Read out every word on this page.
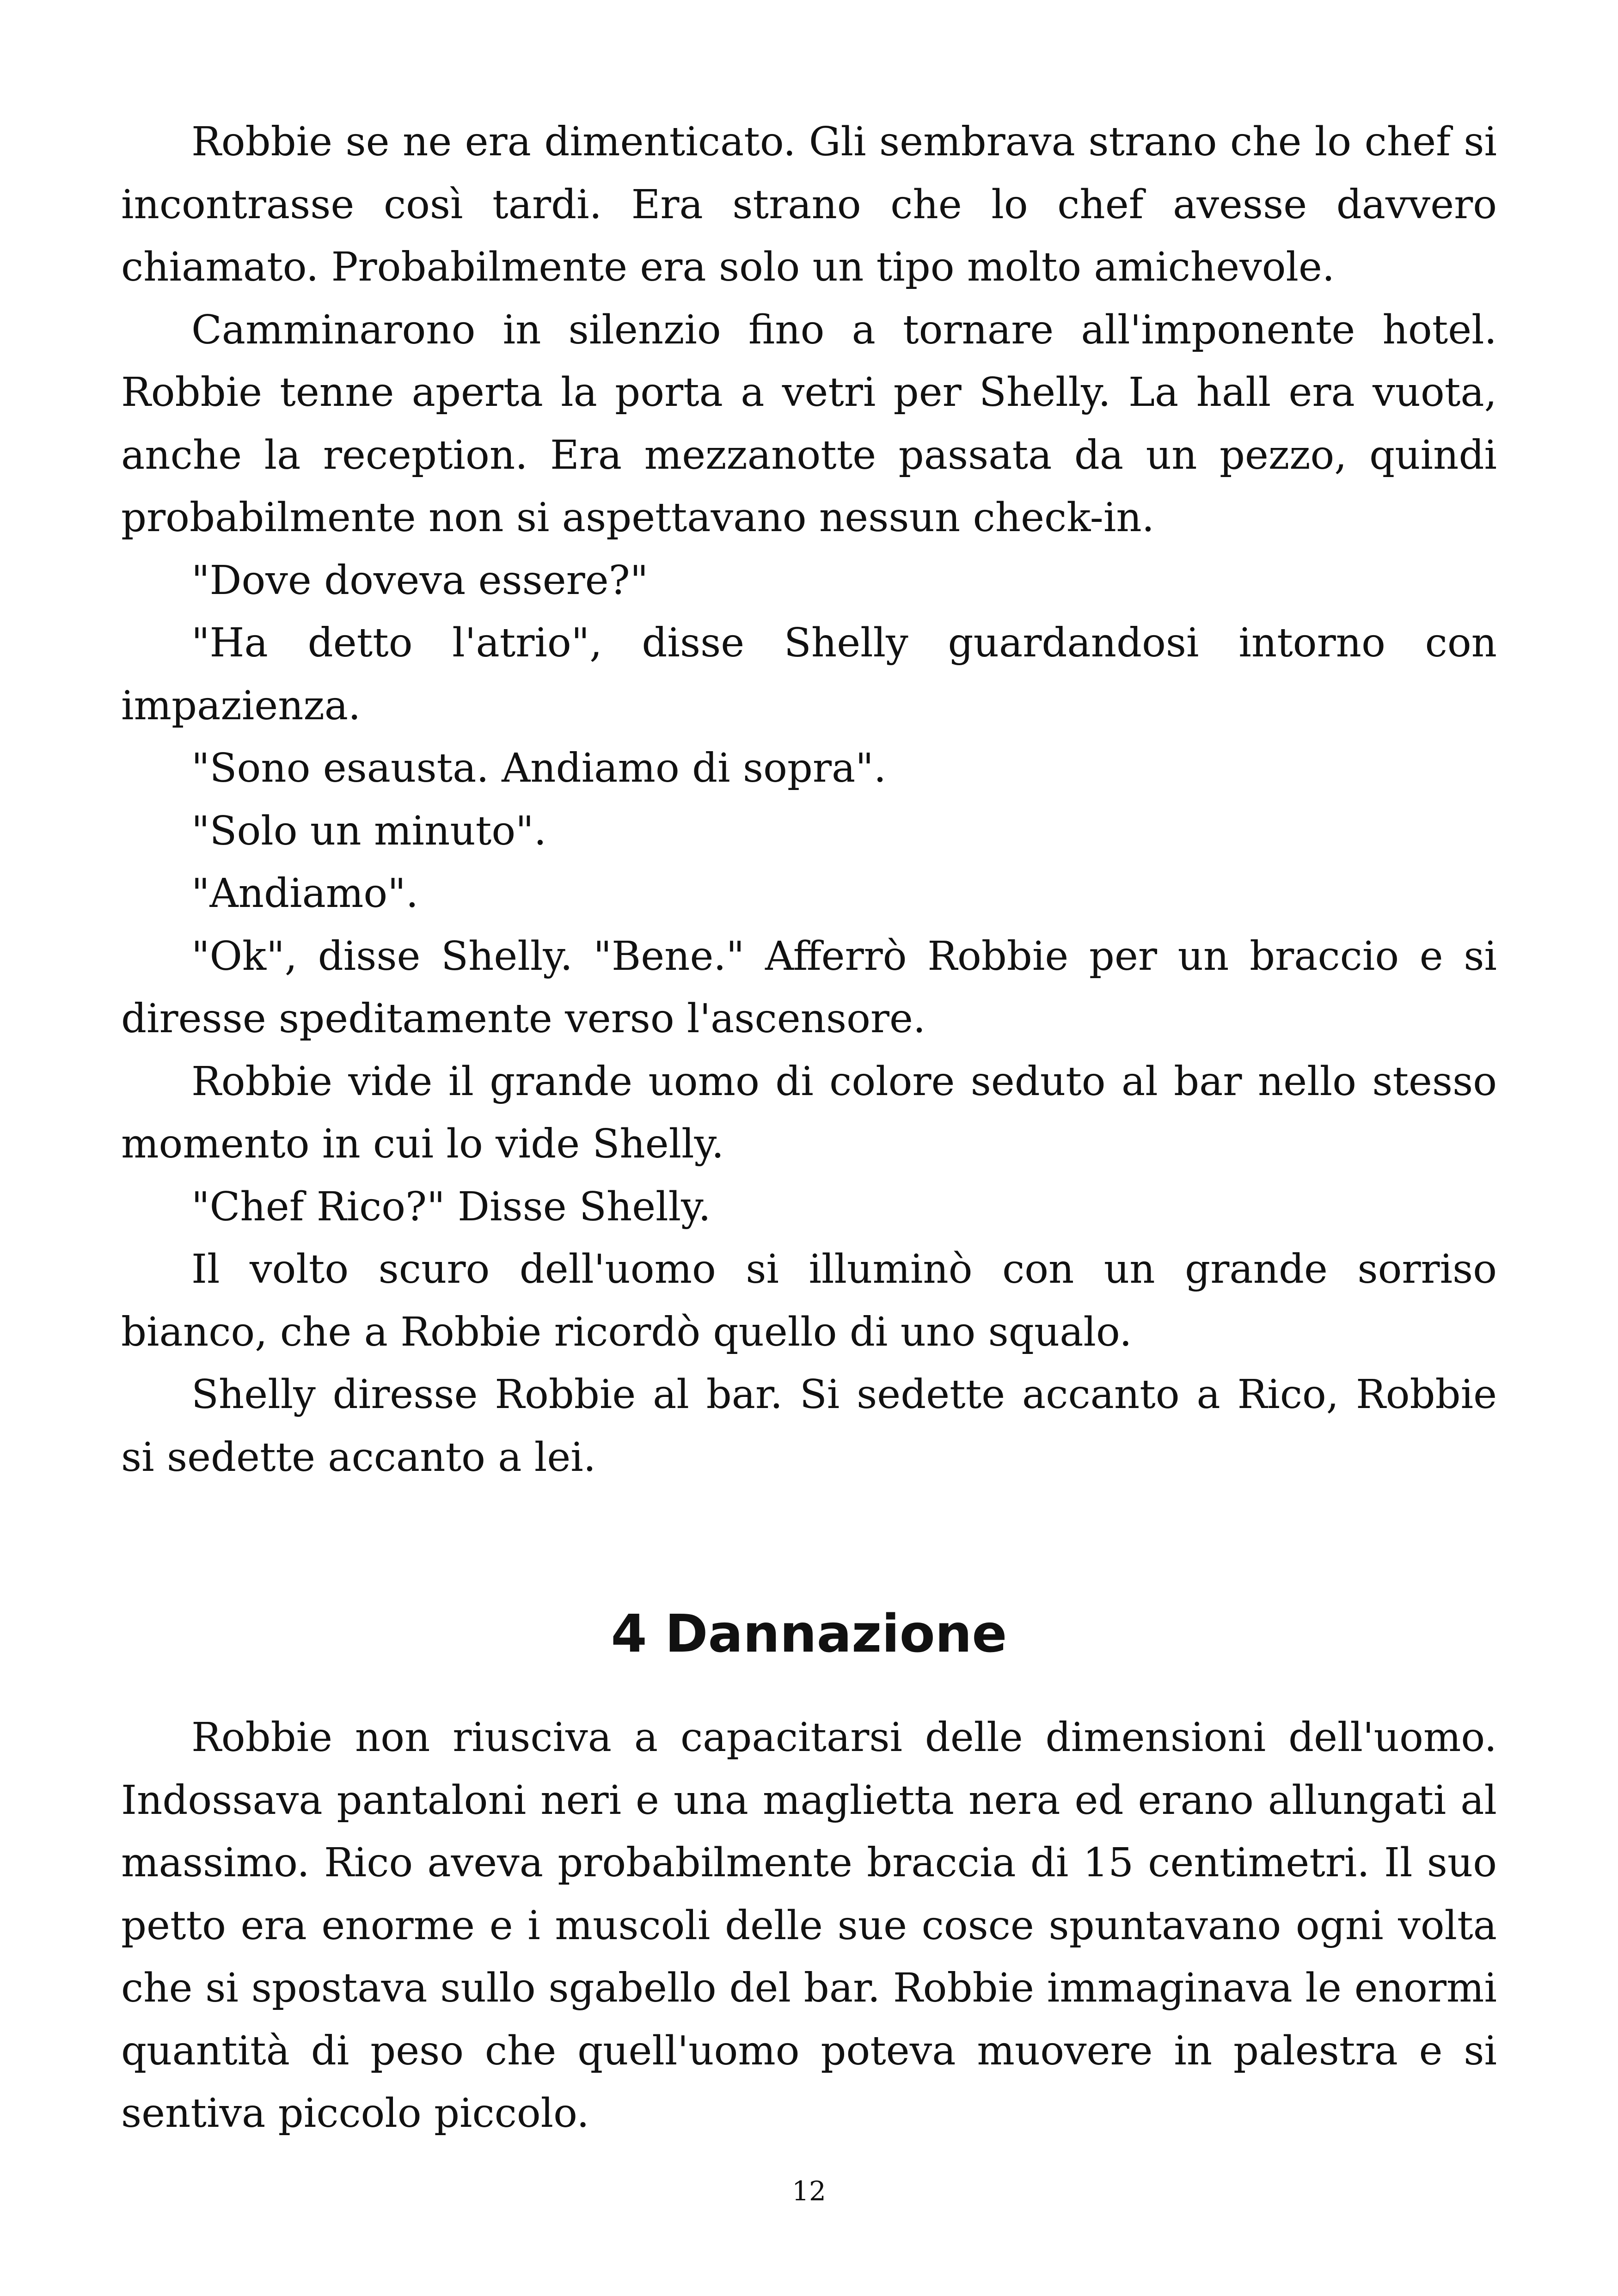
Robbie se ne era dimenticato. Gli sembrava strano che lo chef si incontrasse così tardi. Era strano che lo chef avesse davvero chiamato. Probabilmente era solo un tipo molto amichevole.

Camminarono in silenzio fino a tornare all'imponente hotel. Robbie tenne aperta la porta a vetri per Shelly. La hall era vuota, anche la reception. Era mezzanotte passata da un pezzo, quindi probabilmente non si aspettavano nessun check-in.

"Dove doveva essere?"

"Ha detto l'atrio", disse Shelly guardandosi intorno con impazienza.

"Sono esausta. Andiamo di sopra".

"Solo un minuto".

"Andiamo".

"Ok", disse Shelly. "Bene." Afferrò Robbie per un braccio e si diresse speditamente verso l'ascensore.

Robbie vide il grande uomo di colore seduto al bar nello stesso momento in cui lo vide Shelly.

"Chef Rico?" Disse Shelly.

Il volto scuro dell'uomo si illuminò con un grande sorriso bianco, che a Robbie ricordò quello di uno squalo.

Shelly diresse Robbie al bar. Si sedette accanto a Rico, Robbie si sedette accanto a lei.

4 Dannazione

Robbie non riusciva a capacitarsi delle dimensioni dell'uomo. Indossava pantaloni neri e una maglietta nera ed erano allungati al massimo. Rico aveva probabilmente braccia di 15 centimetri. Il suo petto era enorme e i muscoli delle sue cosce spuntavano ogni volta che si spostava sullo sgabello del bar. Robbie immaginava le enormi quantità di peso che quell'uomo poteva muovere in palestra e si sentiva piccolo piccolo.

12
